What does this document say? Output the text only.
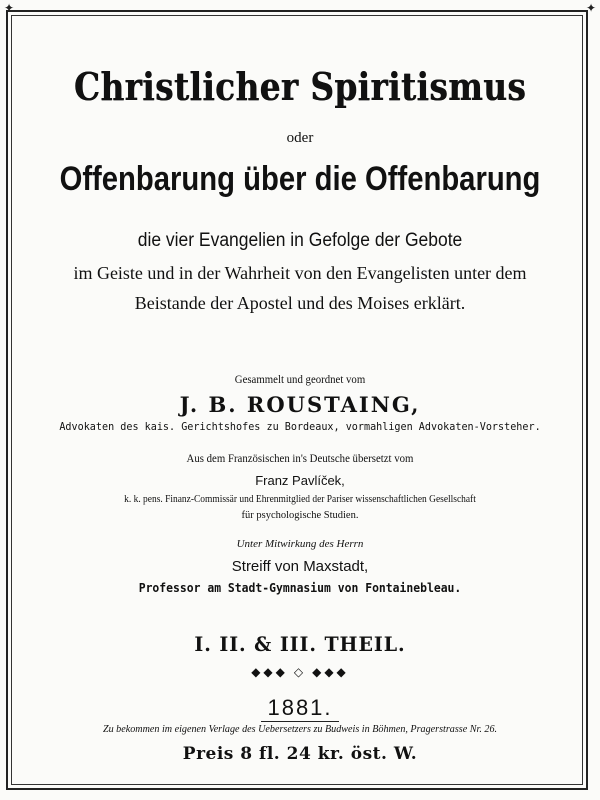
✦	✦
Christlicher Spiritismus
oder
Offenbarung über die Offenbarung
die vier Evangelien in Gefolge der Gebote
im Geiste und in der Wahrheit von den Evangelisten unter dem
Beistande der Apostel und des Moises erklärt.
Gesammelt und geordnet vom
J. B. ROUSTAING,
Advokaten des kais. Gerichtshofes zu Bordeaux, vormahligen Advokaten-Vorsteher.
Aus dem Französischen in's Deutsche übersetzt vom
Franz Pavlíček,
k. k. pens. Finanz-Commissär und Ehrenmitglied der Pariser wissenschaftlichen Gesellschaft
für psychologische Studien.
Unter Mitwirkung des Herrn
Streiff von Maxstadt,
Professor am Stadt-Gymnasium von Fontainebleau.
I. II. & III. THEIL.
◆◆◆ ◇ ◆◆◆
1881.
Zu bekommen im eigenen Verlage des Uebersetzers zu Budweis in Böhmen, Pragerstrasse Nr. 26.
Preis 8 fl. 24 kr. öst. W.
